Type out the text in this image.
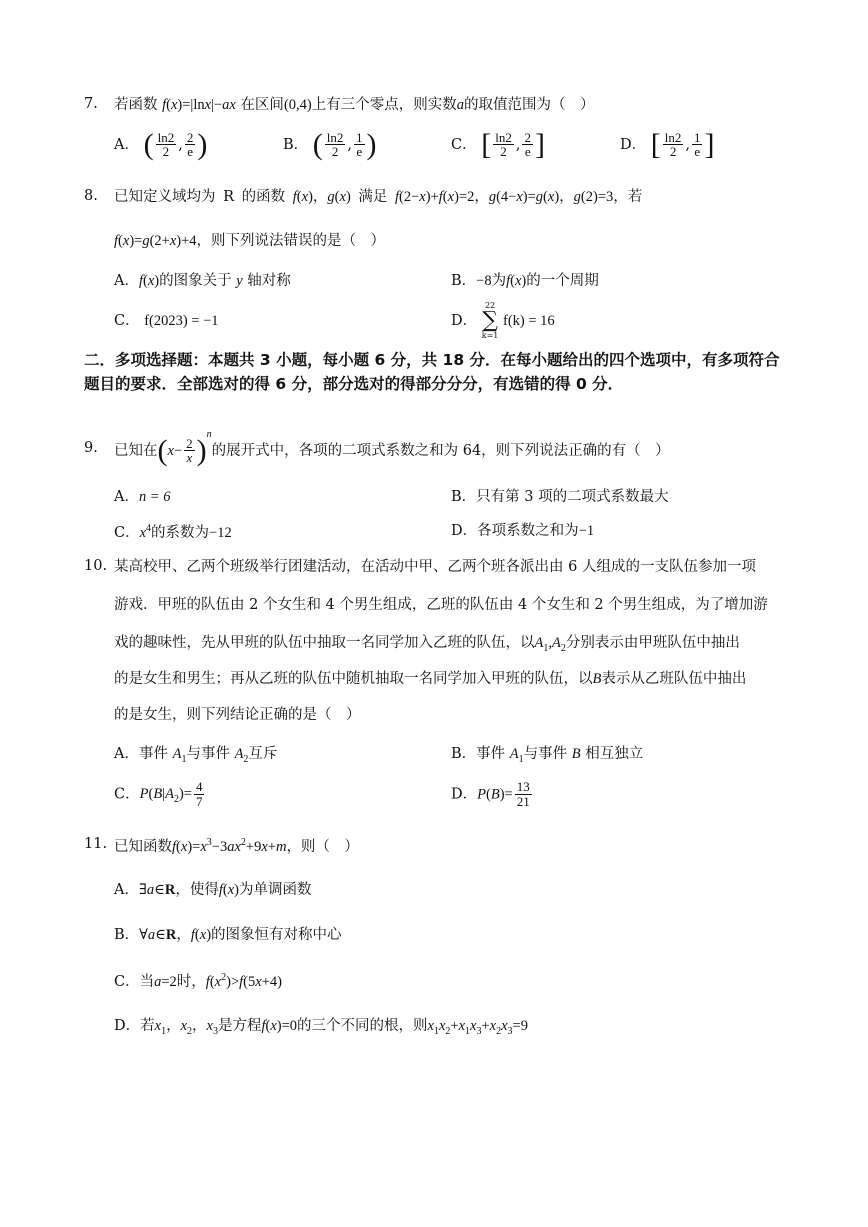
7. 若函数 f(x)=|lnx|−ax 在区间(0,4)上有三个零点，则实数a的取值范围为（　）
A． ( $\frac{\ln 2}{2}$ , $\frac{2}{e}$ )	B． ( $\frac{\ln 2}{2}$ , $\frac{1}{e}$ )	C． [ $\frac{\ln 2}{2}$ , $\frac{2}{e}$ ]	D． [ $\frac{\ln 2}{2}$ , $\frac{1}{e}$ ]
8. 已知定义域均为 R 的函数 f(x)，g(x) 满足 f(2−x)+f(x)=2，g(4−x)=g(x)，g(2)=3，若
f(x)=g(2+x)+4，则下列说法错误的是（　）
A．f(x)的图象关于 y 轴对称	B．−8为f(x)的一个周期
C． f(2023) = −1	D．
22
∑
k=1
f(k) = 16
二．多项选择题：本题共 3 小题，每小题 6 分，共 18 分．在每小题给出的四个选项中，有多项符合题目的要求．全部选对的得 6 分，部分选对的得部分分分，有选错的得 0 分．
9. 已知在$(x- \frac{2}{x} )^n$的展开式中，各项的二项式系数之和为 64，则下列说法正确的有（　）
A．n = 6	B．只有第 3 项的二项式系数最大
C．$x^4$的系数为−12	D．各项系数之和为−1
10. 某高校甲、乙两个班级举行团建活动，在活动中甲、乙两个班各派出由 6 人组成的一支队伍参加一项
游戏．甲班的队伍由 2 个女生和 4 个男生组成，乙班的队伍由 4 个女生和 2 个男生组成，为了增加游
戏的趣味性，先从甲班的队伍中抽取一名同学加入乙班的队伍，以$A_1,A_2$分别表示由甲班队伍中抽出
的是女生和男生；再从乙班的队伍中随机抽取一名同学加入甲班的队伍，以B表示从乙班队伍中抽出
的是女生，则下列结论正确的是（　）
A．事件 $A_1$与事件 $A_2$互斥	B．事件 $A_1$与事件 B 相互独立
C．$P(B|A_2)= \frac{4}{7}$	D．$P(B)= \frac{13}{21}$
11. 已知函数$f(x)=x^3-3ax^2+9x+m$，则（　）
A．∃a∈R，使得f(x)为单调函数
B．∀a∈R，f(x)的图象恒有对称中心
C．当a=2时，$f(x^2)>f(5x+4)$
D．若$x_1$，$x_2$，$x_3$是方程f(x)=0的三个不同的根，则$x_1x_2+x_1x_3+x_2x_3=9$
